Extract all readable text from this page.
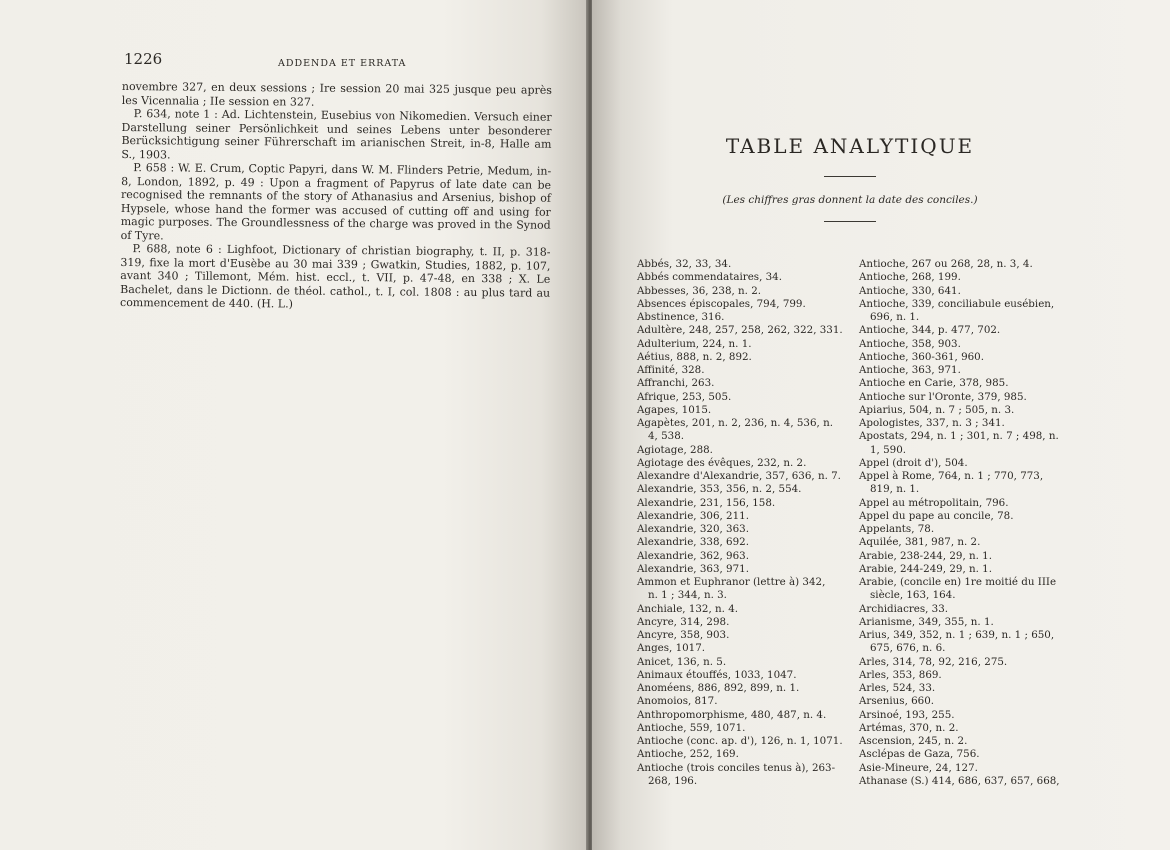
1226	ADDENDA ET ERRATA

novembre 327, en deux sessions ; Ire session 20 mai 325 jusque peu après les Vicennalia ; IIe session en 327.

P. 634, note 1 : Ad. Lichtenstein, Eusebius von Nikomedien. Versuch einer Darstellung seiner Persönlichkeit und seines Lebens unter besonderer Berücksichtigung seiner Führerschaft im arianischen Streit, in-8, Halle am S., 1903.

P. 658 : W. E. Crum, Coptic Papyri, dans W. M. Flinders Petrie, Medum, in-8, London, 1892, p. 49 : Upon a fragment of Papyrus of late date can be recognised the remnants of the story of Athanasius and Arsenius, bishop of Hypsele, whose hand the former was accused of cutting off and using for magic purposes. The Groundlessness of the charge was proved in the Synod of Tyre.

P. 688, note 6 : Lighfoot, Dictionary of christian biography, t. II, p. 318-319, fixe la mort d'Eusèbe au 30 mai 339 ; Gwatkin, Studies, 1882, p. 107, avant 340 ; Tillemont, Mém. hist. eccl., t. VII, p. 47-48, en 338 ; X. Le Bachelet, dans le Dictionn. de théol. cathol., t. I, col. 1808 : au plus tard au commencement de 440. (H. L.)

TABLE ANALYTIQUE
(Les chiffres gras donnent la date des conciles.)
Abbés, 32, 33, 34.
Abbés commendataires, 34.
Abbesses, 36, 238, n. 2.
Absences épiscopales, 794, 799.
Abstinence, 316.
Adultère, 248, 257, 258, 262, 322, 331.
Adulterium, 224, n. 1.
Aétius, 888, n. 2, 892.
Affinité, 328.
Affranchi, 263.
Afrique, 253, 505.
Agapes, 1015.
Agapètes, 201, n. 2, 236, n. 4, 536, n.
4, 538.
Agiotage, 288.
Agiotage des évêques, 232, n. 2.
Alexandre d'Alexandrie, 357, 636, n. 7.
Alexandrie, 353, 356, n. 2, 554.
Alexandrie, 231, 156, 158.
Alexandrie, 306, 211.
Alexandrie, 320, 363.
Alexandrie, 338, 692.
Alexandrie, 362, 963.
Alexandrie, 363, 971.
Ammon et Euphranor (lettre à) 342,
n. 1 ; 344, n. 3.
Anchiale, 132, n. 4.
Ancyre, 314, 298.
Ancyre, 358, 903.
Anges, 1017.
Anicet, 136, n. 5.
Animaux étouffés, 1033, 1047.
Anoméens, 886, 892, 899, n. 1.
Anomoios, 817.
Anthropomorphisme, 480, 487, n. 4.
Antioche, 559, 1071.
Antioche (conc. ap. d'), 126, n. 1, 1071.
Antioche, 252, 169.
Antioche (trois conciles tenus à), 263-
268, 196.
Antioche, 267 ou 268, 28, n. 3, 4.
Antioche, 268, 199.
Antioche, 330, 641.
Antioche, 339, conciliabule eusébien,
696, n. 1.
Antioche, 344, p. 477, 702.
Antioche, 358, 903.
Antioche, 360-361, 960.
Antioche, 363, 971.
Antioche en Carie, 378, 985.
Antioche sur l'Oronte, 379, 985.
Apiarius, 504, n. 7 ; 505, n. 3.
Apologistes, 337, n. 3 ; 341.
Apostats, 294, n. 1 ; 301, n. 7 ; 498, n.
1, 590.
Appel (droit d'), 504.
Appel à Rome, 764, n. 1 ; 770, 773,
819, n. 1.
Appel au métropolitain, 796.
Appel du pape au concile, 78.
Appelants, 78.
Aquilée, 381, 987, n. 2.
Arabie, 238-244, 29, n. 1.
Arabie, 244-249, 29, n. 1.
Arabie, (concile en) 1re moitié du IIIe
siècle, 163, 164.
Archidiacres, 33.
Arianisme, 349, 355, n. 1.
Arius, 349, 352, n. 1 ; 639, n. 1 ; 650,
675, 676, n. 6.
Arles, 314, 78, 92, 216, 275.
Arles, 353, 869.
Arles, 524, 33.
Arsenius, 660.
Arsinoé, 193, 255.
Artémas, 370, n. 2.
Ascension, 245, n. 2.
Asclépas de Gaza, 756.
Asie-Mineure, 24, 127.
Athanase (S.) 414, 686, 637, 657, 668,
